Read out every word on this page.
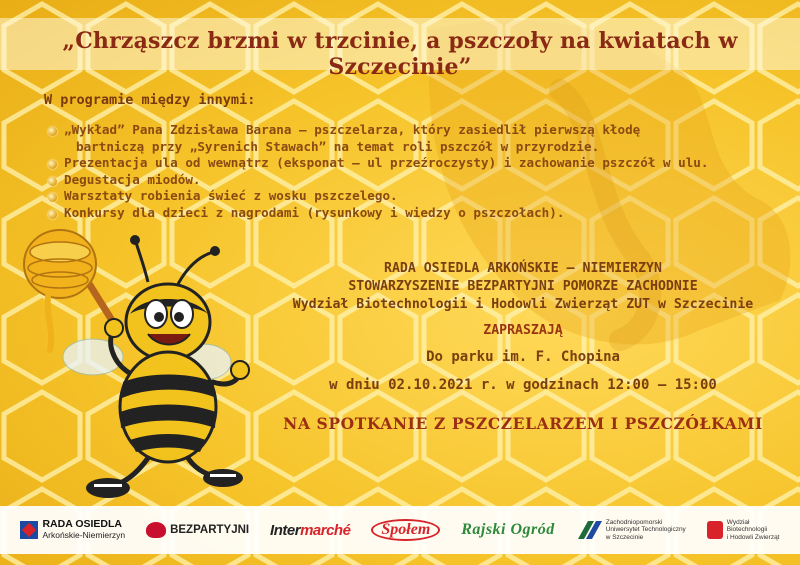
„Chrząszcz brzmi w trzcinie, a pszczoły na kwiatach w Szczecinie”
W programie między innymi:
„Wykład” Pana Zdzisława Barana – pszczelarza, który zasiedlił pierwszą kłodę
bartniczą przy „Syrenich Stawach” na temat roli pszczół w przyrodzie.
Prezentacja ula od wewnątrz (eksponat – ul przeźroczysty) i zachowanie pszczół w ulu.
Degustacja miodów.
Warsztaty robienia świeć z wosku pszczelego.
Konkursy dla dzieci z nagrodami (rysunkowy i wiedzy o pszczołach).
RADA OSIEDLA ARKOŃSKIE – NIEMIERZYN
STOWARZYSZENIE BEZPARTYJNI POMORZE ZACHODNIE
Wydział Biotechnologii i Hodowli Zwierząt ZUT w Szczecinie
ZAPRASZAJĄ
Do parku im. F. Chopina
w dniu 02.10.2021 r. w godzinach 12:00 – 15:00
NA SPOTKANIE Z PSZCZELARZEM I PSZCZÓŁKAMI
RADA OSIEDLA
Arkońskie-Niemierzyn	BEZPARTYJNI Intermarché	Społem	Rajski Ogród	Zachodniopomorski
Uniwersytet Technologiczny
w Szczecinie
Wydział
Biotechnologii
i Hodowli Zwierząt
